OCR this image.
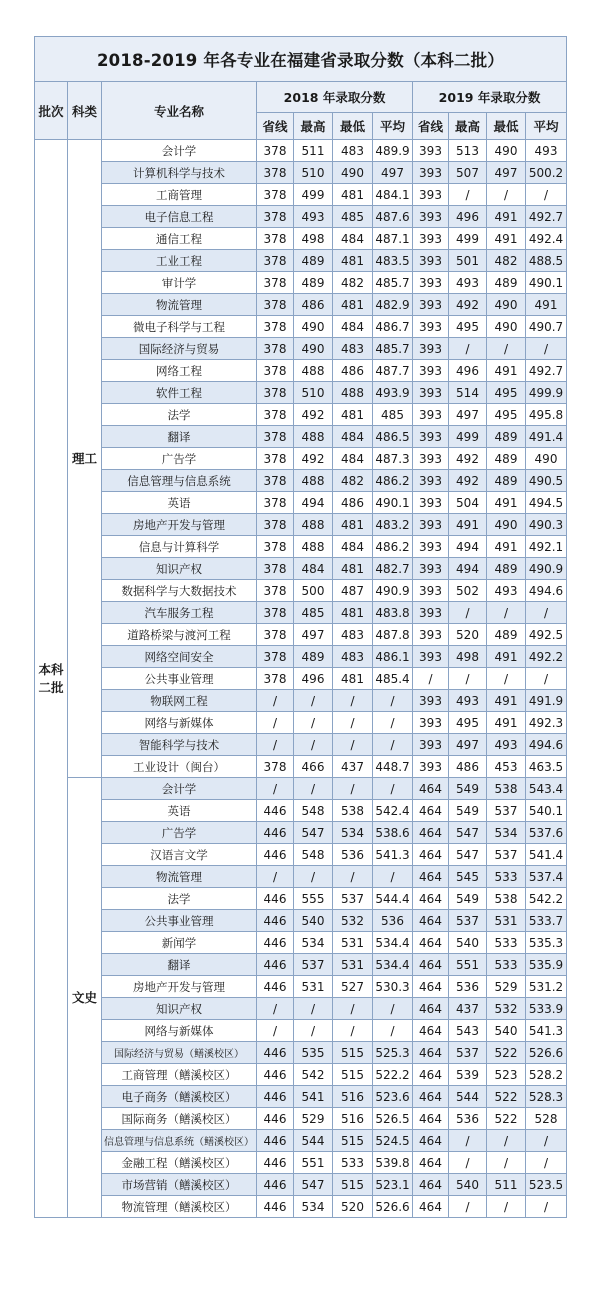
2018-2019 年各专业在福建省录取分数（本科二批）										
批次	科类	专业名称	2018 年录取分数				2019 年录取分数			
			省线	最高	最低	平均	省线	最高	最低	平均
本科二批	理工	会计学	378	511	483	489.9	393	513	490	493
		计算机科学与技术	378	510	490	497	393	507	497	500.2
		工商管理	378	499	481	484.1	393	/	/	/
		电子信息工程	378	493	485	487.6	393	496	491	492.7
		通信工程	378	498	484	487.1	393	499	491	492.4
		工业工程	378	489	481	483.5	393	501	482	488.5
		审计学	378	489	482	485.7	393	493	489	490.1
		物流管理	378	486	481	482.9	393	492	490	491
		微电子科学与工程	378	490	484	486.7	393	495	490	490.7
		国际经济与贸易	378	490	483	485.7	393	/	/	/
		网络工程	378	488	486	487.7	393	496	491	492.7
		软件工程	378	510	488	493.9	393	514	495	499.9
		法学	378	492	481	485	393	497	495	495.8
		翻译	378	488	484	486.5	393	499	489	491.4
		广告学	378	492	484	487.3	393	492	489	490
		信息管理与信息系统	378	488	482	486.2	393	492	489	490.5
		英语	378	494	486	490.1	393	504	491	494.5
		房地产开发与管理	378	488	481	483.2	393	491	490	490.3
		信息与计算科学	378	488	484	486.2	393	494	491	492.1
		知识产权	378	484	481	482.7	393	494	489	490.9
		数据科学与大数据技术	378	500	487	490.9	393	502	493	494.6
		汽车服务工程	378	485	481	483.8	393	/	/	/
		道路桥梁与渡河工程	378	497	483	487.8	393	520	489	492.5
		网络空间安全	378	489	483	486.1	393	498	491	492.2
		公共事业管理	378	496	481	485.4	/	/	/	/
		物联网工程	/	/	/	/	393	493	491	491.9
		网络与新媒体	/	/	/	/	393	495	491	492.3
		智能科学与技术	/	/	/	/	393	497	493	494.6
		工业设计（闽台）	378	466	437	448.7	393	486	453	463.5
	文史	会计学	/	/	/	/	464	549	538	543.4
		英语	446	548	538	542.4	464	549	537	540.1
		广告学	446	547	534	538.6	464	547	534	537.6
		汉语言文学	446	548	536	541.3	464	547	537	541.4
		物流管理	/	/	/	/	464	545	533	537.4
		法学	446	555	537	544.4	464	549	538	542.2
		公共事业管理	446	540	532	536	464	537	531	533.7
		新闻学	446	534	531	534.4	464	540	533	535.3
		翻译	446	537	531	534.4	464	551	533	535.9
		房地产开发与管理	446	531	527	530.3	464	536	529	531.2
		知识产权	/	/	/	/	464	437	532	533.9
		网络与新媒体	/	/	/	/	464	543	540	541.3
		国际经济与贸易（鳝溪校区）	446	535	515	525.3	464	537	522	526.6
		工商管理（鳝溪校区）	446	542	515	522.2	464	539	523	528.2
		电子商务（鳝溪校区）	446	541	516	523.6	464	544	522	528.3
		国际商务（鳝溪校区）	446	529	516	526.5	464	536	522	528
		信息管理与信息系统（鳝溪校区）	446	544	515	524.5	464	/	/	/
		金融工程（鳝溪校区）	446	551	533	539.8	464	/	/	/
		市场营销（鳝溪校区）	446	547	515	523.1	464	540	511	523.5
		物流管理（鳝溪校区）	446	534	520	526.6	464	/	/	/
